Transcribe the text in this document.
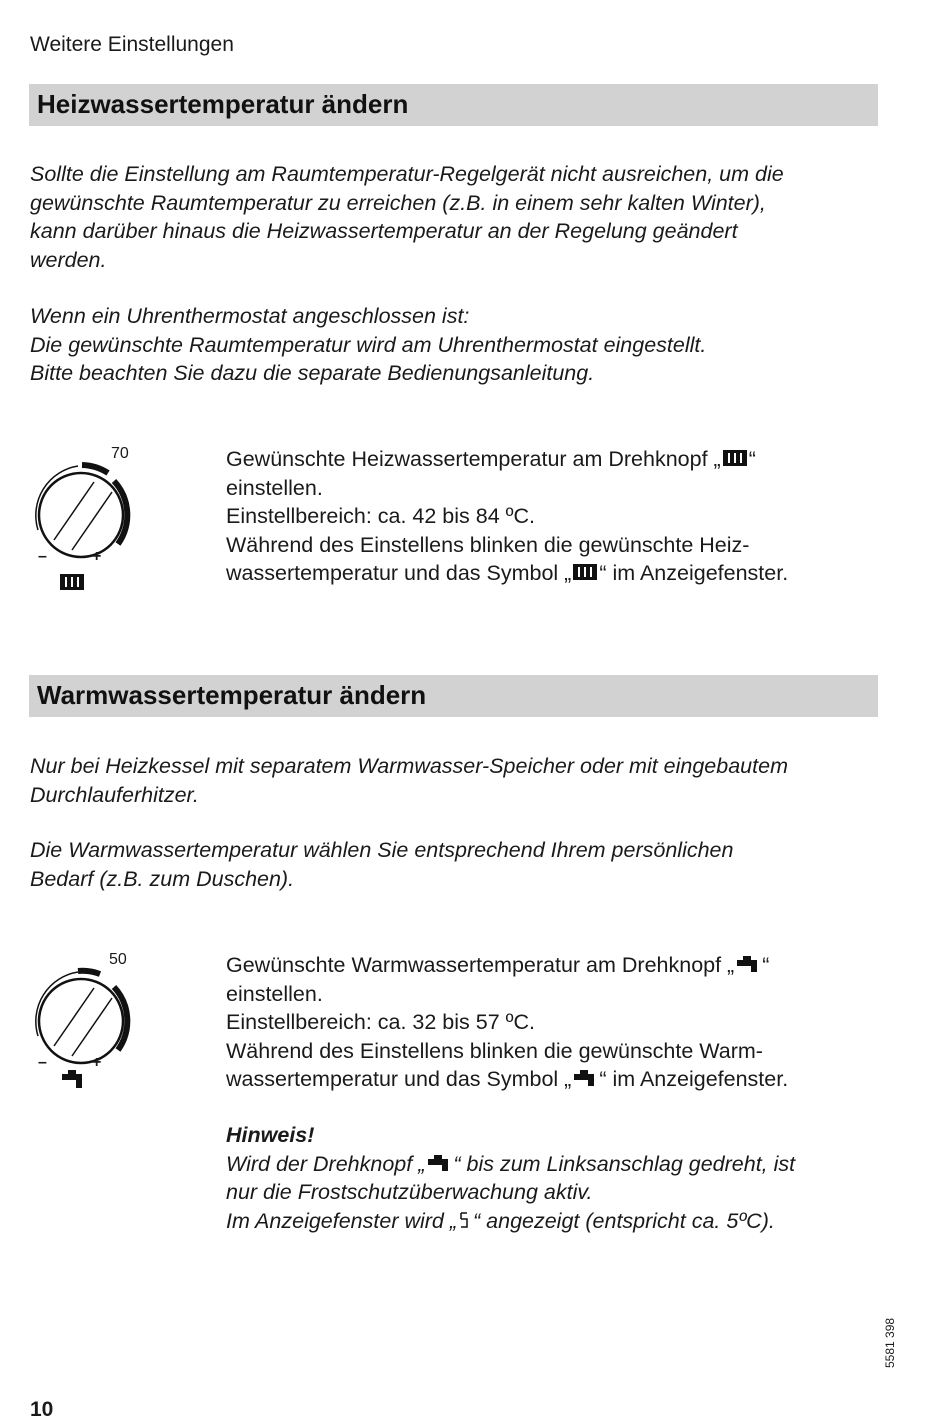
Weitere Einstellungen
Heizwassertemperatur ändern

Sollte die Einstellung am Raumtemperatur-Regelgerät nicht ausreichen, um die

gewünschte Raumtemperatur zu erreichen (z.B. in einem sehr kalten Winter),

kann darüber hinaus die Heizwassertemperatur an der Regelung geändert

werden.

Wenn ein Uhrenthermostat angeschlossen ist:

Die gewünschte Raumtemperatur wird am Uhrenthermostat eingestellt.

Bitte beachten Sie dazu die separate Bedienungsanleitung.

70
–	+

Gewünschte Heizwassertemperatur am Drehknopf „ “

einstellen.

Einstellbereich: ca. 42 bis 84 ºC.

Während des Einstellens blinken die gewünschte Heiz-

wassertemperatur und das Symbol „ “ im Anzeigefenster.

Warmwassertemperatur ändern

Nur bei Heizkessel mit separatem Warmwasser-Speicher oder mit eingebautem

Durchlauferhitzer.

Die Warmwassertemperatur wählen Sie entsprechend Ihrem persönlichen

Bedarf (z.B. zum Duschen).

50
–	+

Gewünschte Warmwassertemperatur am Drehknopf „ “

einstellen.

Einstellbereich: ca. 32 bis 57 ºC.

Während des Einstellens blinken die gewünschte Warm-

wassertemperatur und das Symbol „ “ im Anzeigefenster.

Hinweis!

Wird der Drehknopf „ “ bis zum Linksanschlag gedreht, ist

nur die Frostschutzüberwachung aktiv.

Im Anzeigefenster wird „ “ angezeigt (entspricht ca. 5ºC).

5581 398
10
